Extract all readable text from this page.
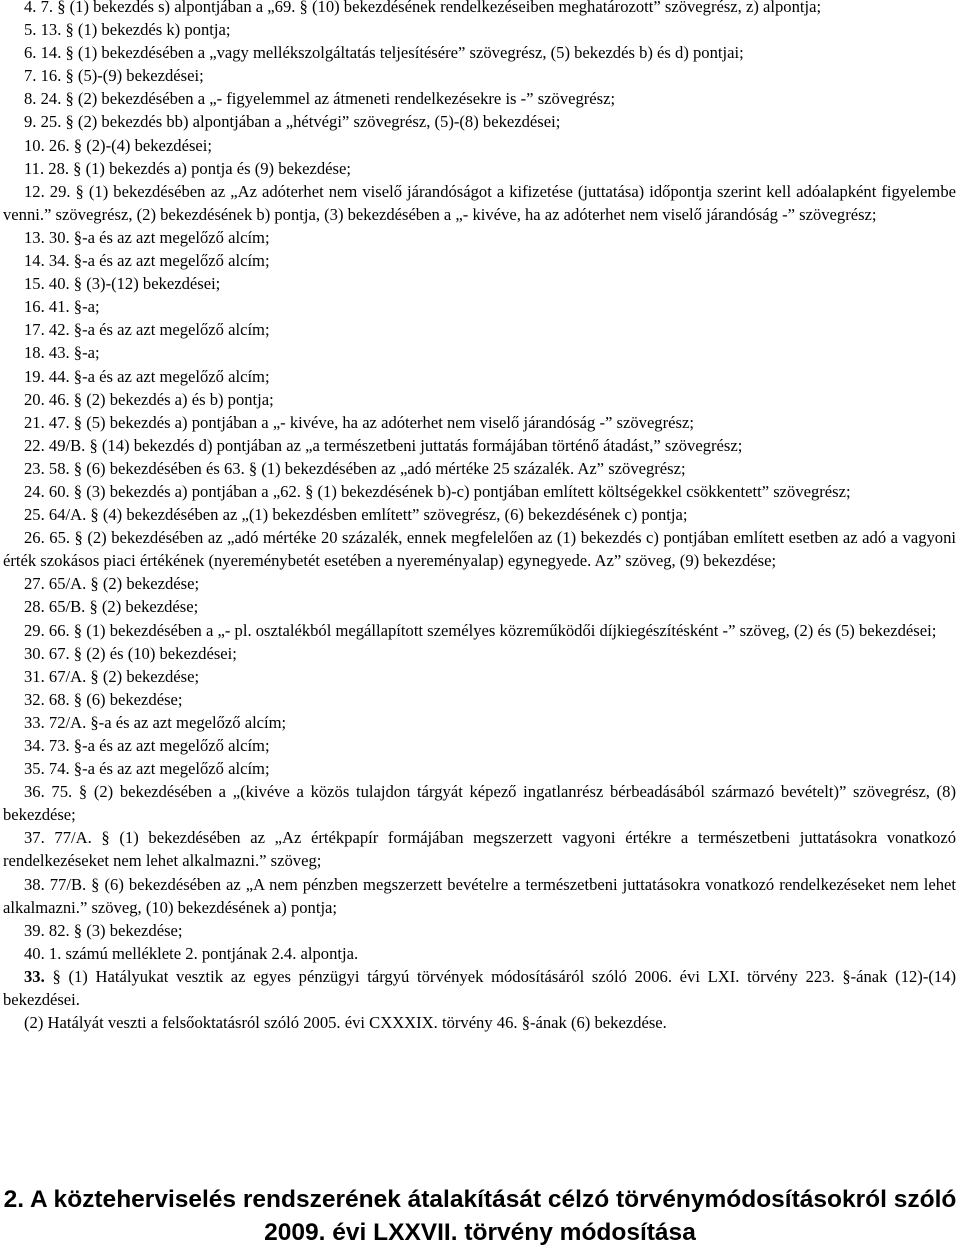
4. 7. § (1) bekezdés s) alpontjában a „69. § (10) bekezdésének rendelkezéseiben meghatározott” szövegrész, z) alpontja;

5. 13. § (1) bekezdés k) pontja;

6. 14. § (1) bekezdésében a „vagy mellékszolgáltatás teljesítésére” szövegrész, (5) bekezdés b) és d) pontjai;

7. 16. § (5)-(9) bekezdései;

8. 24. § (2) bekezdésében a „- figyelemmel az átmeneti rendelkezésekre is -” szövegrész;

9. 25. § (2) bekezdés bb) alpontjában a „hétvégi” szövegrész, (5)-(8) bekezdései;

10. 26. § (2)-(4) bekezdései;

11. 28. § (1) bekezdés a) pontja és (9) bekezdése;

12. 29. § (1) bekezdésében az „Az adóterhet nem viselő járandóságot a kifizetése (juttatása) időpontja szerint kell adóalapként figyelembe venni.” szövegrész, (2) bekezdésének b) pontja, (3) bekezdésében a „- kivéve, ha az adóterhet nem viselő járandóság -” szövegrész;

13. 30. §-a és az azt megelőző alcím;

14. 34. §-a és az azt megelőző alcím;

15. 40. § (3)-(12) bekezdései;

16. 41. §-a;

17. 42. §-a és az azt megelőző alcím;

18. 43. §-a;

19. 44. §-a és az azt megelőző alcím;

20. 46. § (2) bekezdés a) és b) pontja;

21. 47. § (5) bekezdés a) pontjában a „- kivéve, ha az adóterhet nem viselő járandóság -” szövegrész;

22. 49/B. § (14) bekezdés d) pontjában az „a természetbeni juttatás formájában történő átadást,” szövegrész;

23. 58. § (6) bekezdésében és 63. § (1) bekezdésében az „adó mértéke 25 százalék. Az” szövegrész;

24. 60. § (3) bekezdés a) pontjában a „62. § (1) bekezdésének b)-c) pontjában említett költségekkel csökkentett” szövegrész;

25. 64/A. § (4) bekezdésében az „(1) bekezdésben említett” szövegrész, (6) bekezdésének c) pontja;

26. 65. § (2) bekezdésében az „adó mértéke 20 százalék, ennek megfelelően az (1) bekezdés c) pontjában említett esetben az adó a vagyoni érték szokásos piaci értékének (nyereménybetét esetében a nyereményalap) egynegyede. Az” szöveg, (9) bekezdése;

27. 65/A. § (2) bekezdése;

28. 65/B. § (2) bekezdése;

29. 66. § (1) bekezdésében a „- pl. osztalékból megállapított személyes közreműködői díjkiegészítésként -” szöveg, (2) és (5) bekezdései;

30. 67. § (2) és (10) bekezdései;

31. 67/A. § (2) bekezdése;

32. 68. § (6) bekezdése;

33. 72/A. §-a és az azt megelőző alcím;

34. 73. §-a és az azt megelőző alcím;

35. 74. §-a és az azt megelőző alcím;

36. 75. § (2) bekezdésében a „(kivéve a közös tulajdon tárgyát képező ingatlanrész bérbeadásából származó bevételt)” szövegrész, (8) bekezdése;

37. 77/A. § (1) bekezdésében az „Az értékpapír formájában megszerzett vagyoni értékre a természetbeni juttatásokra vonatkozó rendelkezéseket nem lehet alkalmazni.” szöveg;

38. 77/B. § (6) bekezdésében az „A nem pénzben megszerzett bevételre a természetbeni juttatásokra vonatkozó rendelkezéseket nem lehet alkalmazni.” szöveg, (10) bekezdésének a) pontja;

39. 82. § (3) bekezdése;

40. 1. számú melléklete 2. pontjának 2.4. alpontja.

33. § (1) Hatályukat vesztik az egyes pénzügyi tárgyú törvények módosításáról szóló 2006. évi LXI. törvény 223. §-ának (12)-(14) bekezdései.

(2) Hatályát veszti a felsőoktatásról szóló 2005. évi CXXXIX. törvény 46. §-ának (6) bekezdése.

2. A közteherviselés rendszerének átalakítását célzó törvénymódosításokról szóló
2009. évi LXXVII. törvény módosítása
